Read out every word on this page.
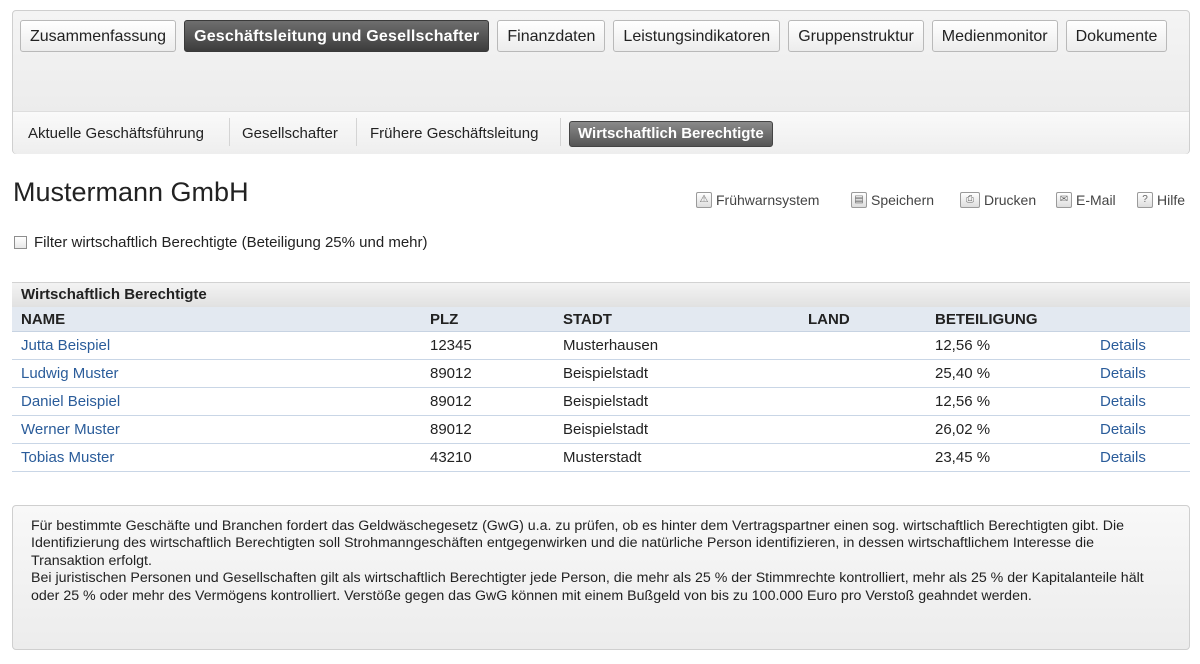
Zusammenfassung	Geschäftsleitung und Gesellschafter	Finanzdaten	Leistungsindikatoren	Gruppenstruktur	Medienmonitor	Dokumente
Aktuelle Geschäftsführung	Gesellschafter Frühere Geschäftsleitung	Wirtschaftlich Berechtigte
Mustermann GmbH	⚠ Frühwarnsystem	▤ Speichern	⎙ Drucken	✉ E-Mail	? Hilfe
Filter wirtschaftlich Berechtigte (Beteiligung 25% und mehr)
Wirtschaftlich Berechtigte
NAME	PLZ	STADT	LAND	BETEILIGUNG	
Jutta Beispiel	12345	Musterhausen		12,56 %	Details
Ludwig Muster	89012	Beispielstadt		25,40 %	Details
Daniel Beispiel	89012	Beispielstadt		12,56 %	Details
Werner Muster	89012	Beispielstadt		26,02 %	Details
Tobias Muster	43210	Musterstadt		23,45 %	Details

Für bestimmte Geschäfte und Branchen fordert das Geldwäschegesetz (GwG) u.a. zu prüfen, ob es hinter dem Vertragspartner einen sog. wirtschaftlich Berechtigten gibt. Die Identifizierung des wirtschaftlich Berechtigten soll Strohmanngeschäften entgegenwirken und die natürliche Person identifizieren, in dessen wirtschaftlichem Interesse die Transaktion erfolgt.

Bei juristischen Personen und Gesellschaften gilt als wirtschaftlich Berechtigter jede Person, die mehr als 25 % der Stimmrechte kontrolliert, mehr als 25 % der Kapitalanteile hält oder 25 % oder mehr des Vermögens kontrolliert. Verstöße gegen das GwG können mit einem Bußgeld von bis zu 100.000 Euro pro Verstoß geahndet werden.
